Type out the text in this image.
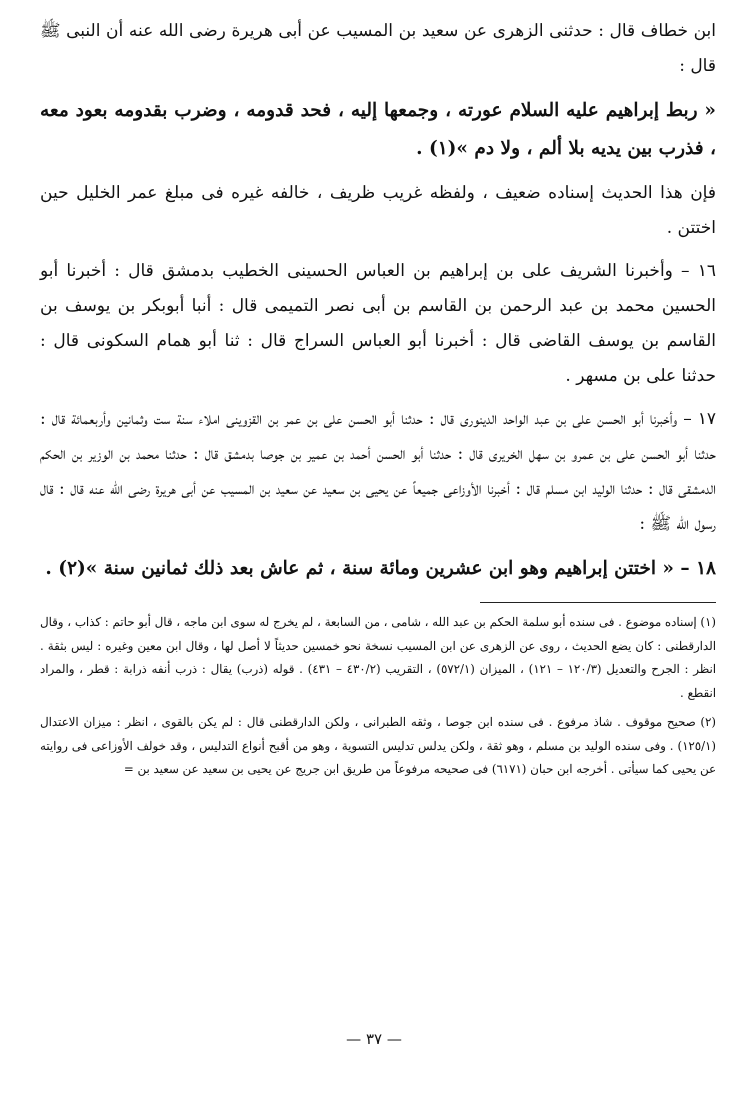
ابن خطاف قال : حدثنى الزهرى عن سعيد بن المسيب عن أبى هريرة رضى الله عنه أن النبى ﷺ قال :
« ربط إبراهيم عليه السلام عورته ، وجمعها إليه ، فحد قدومه ، وضرب بقدومه بعود معه ، فذرب بين يديه بلا ألم ، ولا دم »(١) .
فإن هذا الحديث إسناده ضعيف ، ولفظه غريب ظريف ، خالفه غيره فى مبلغ عمر الخليل حين اختتن .
١٦ – وأخبرنا الشريف على بن إبراهيم بن العباس الحسينى الخطيب بدمشق قال : أخبرنا أبو الحسين محمد بن عبد الرحمن بن القاسم بن أبى نصر التميمى قال : أنبا أبوبكر بن يوسف بن القاسم بن يوسف القاضى قال : أخبرنا أبو العباس السراج قال : ثنا أبو همام السكونى قال : حدثنا على بن مسهر .
١٧ – وأخبرنا أبو الحسن على بن عبد الواحد الدينورى قال : حدثنا أبو الحسن على بن عمر بن القزوينى املاء سنة ست وثمانين وأربعمائة قال : حدثنا أبو الحسن على بن عمرو بن سهل الخريرى قال : حدثنا أبو الحسن أحمد بن عمير بن جوصا بدمشق قال : حدثنا محمد بن الوزير بن الحكم الدمشقى قال : حدثنا الوليد ابن مسلم قال : أخبرنا الأوزاعى جميعاً عن يحيى بن سعيد عن سعيد بن المسيب عن أبى هريرة رضى الله عنه قال : قال رسول الله ﷺ :
١٨ – « اختتن إبراهيم وهو ابن عشرين ومائة سنة ، ثم عاش بعد ذلك ثمانين سنة »(٢) .
(١) إسناده موضوع . فى سنده أبو سلمة الحكم بن عبد الله ، شامى ، من السابعة ، لم يخرج له سوى ابن ماجه ، قال أبو حاتم : كذاب ، وقال الدارقطنى : كان يضع الحديث ، روى عن الزهرى عن ابن المسيب نسخة نحو خمسين حديثاً لا أصل لها ، وقال ابن معين وغيره : ليس بثقة . انظر : الجرح والتعديل (١٢٠/٣ – ١٢١) ، الميزان (٥٧٢/١) ، التقريب (٤٣٠/٢ – ٤٣١) . قوله (ذرب) يقال : ذرب أنفه ذرابة : قطر ، والمراد انقطع .
(٢) صحيح موقوف . شاذ مرفوع . فى سنده ابن جوصا ، وثقه الطبرانى ، ولكن الدارقطنى قال : لم يكن بالقوى ، انظر : ميزان الاعتدال (١٢٥/١) . وفى سنده الوليد بن مسلم ، وهو ثقة ، ولكن يدلس تدليس التسوية ، وهو من أقبح أنواع التدليس ، وقد خولف الأوزاعى فى روايته عن يحيى كما سيأتى . أخرجه ابن حبان (٦١٧١) فى صحيحه مرفوعاً من طريق ابن جريج عن يحيى بن سعيد عن سعيد بن =
— ٣٧ —
